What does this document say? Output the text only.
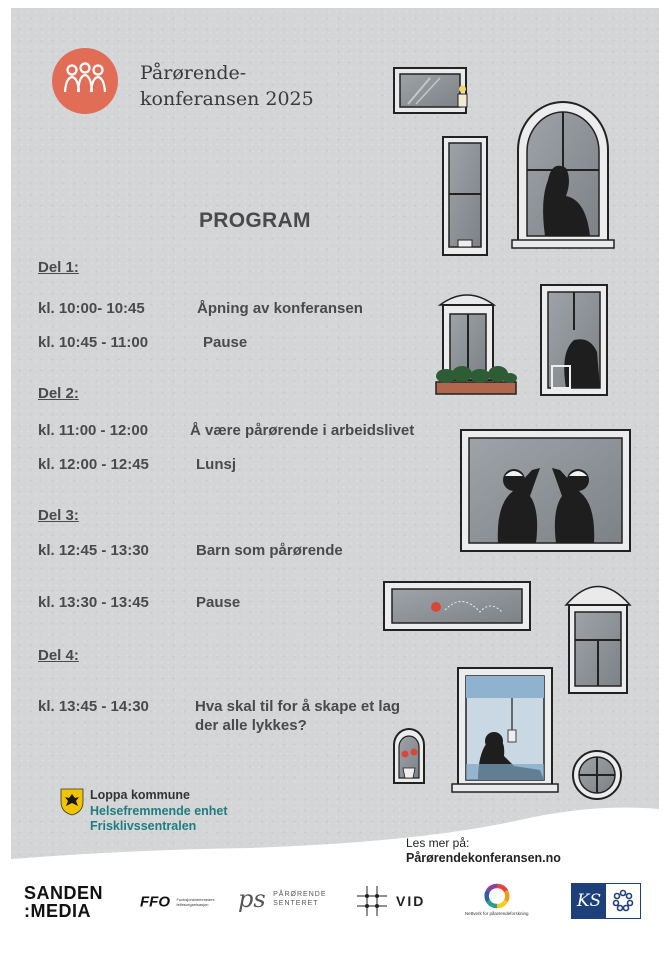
Pårørende-
konferansen 2025
PROGRAM
Del 1:
kl. 10:00- 10:45	Åpning av konferansen
kl. 10:45 - 11:00	Pause
Del 2:
kl. 11:00 - 12:00	Å være pårørende i arbeidslivet
kl. 12:00 - 12:45	Lunsj
Del 3:
kl. 12:45 - 13:30	Barn som pårørende
kl. 13:30 - 13:45	Pause
Del 4:
kl. 13:45 - 14:30	Hva skal til for å skape et lag
der alle lykkes?
Loppa kommune
Helsefremmende enhet
Frisklivssentralen
Les mer på:
Pårørendekonferansen.no
SANDEN
:MEDIA	FFO Funksjonshemmedes
fellesorganisasjon ps PÅRØRENDE
SENTERET	VID
Nettverk for pårørendeforskning
KS
